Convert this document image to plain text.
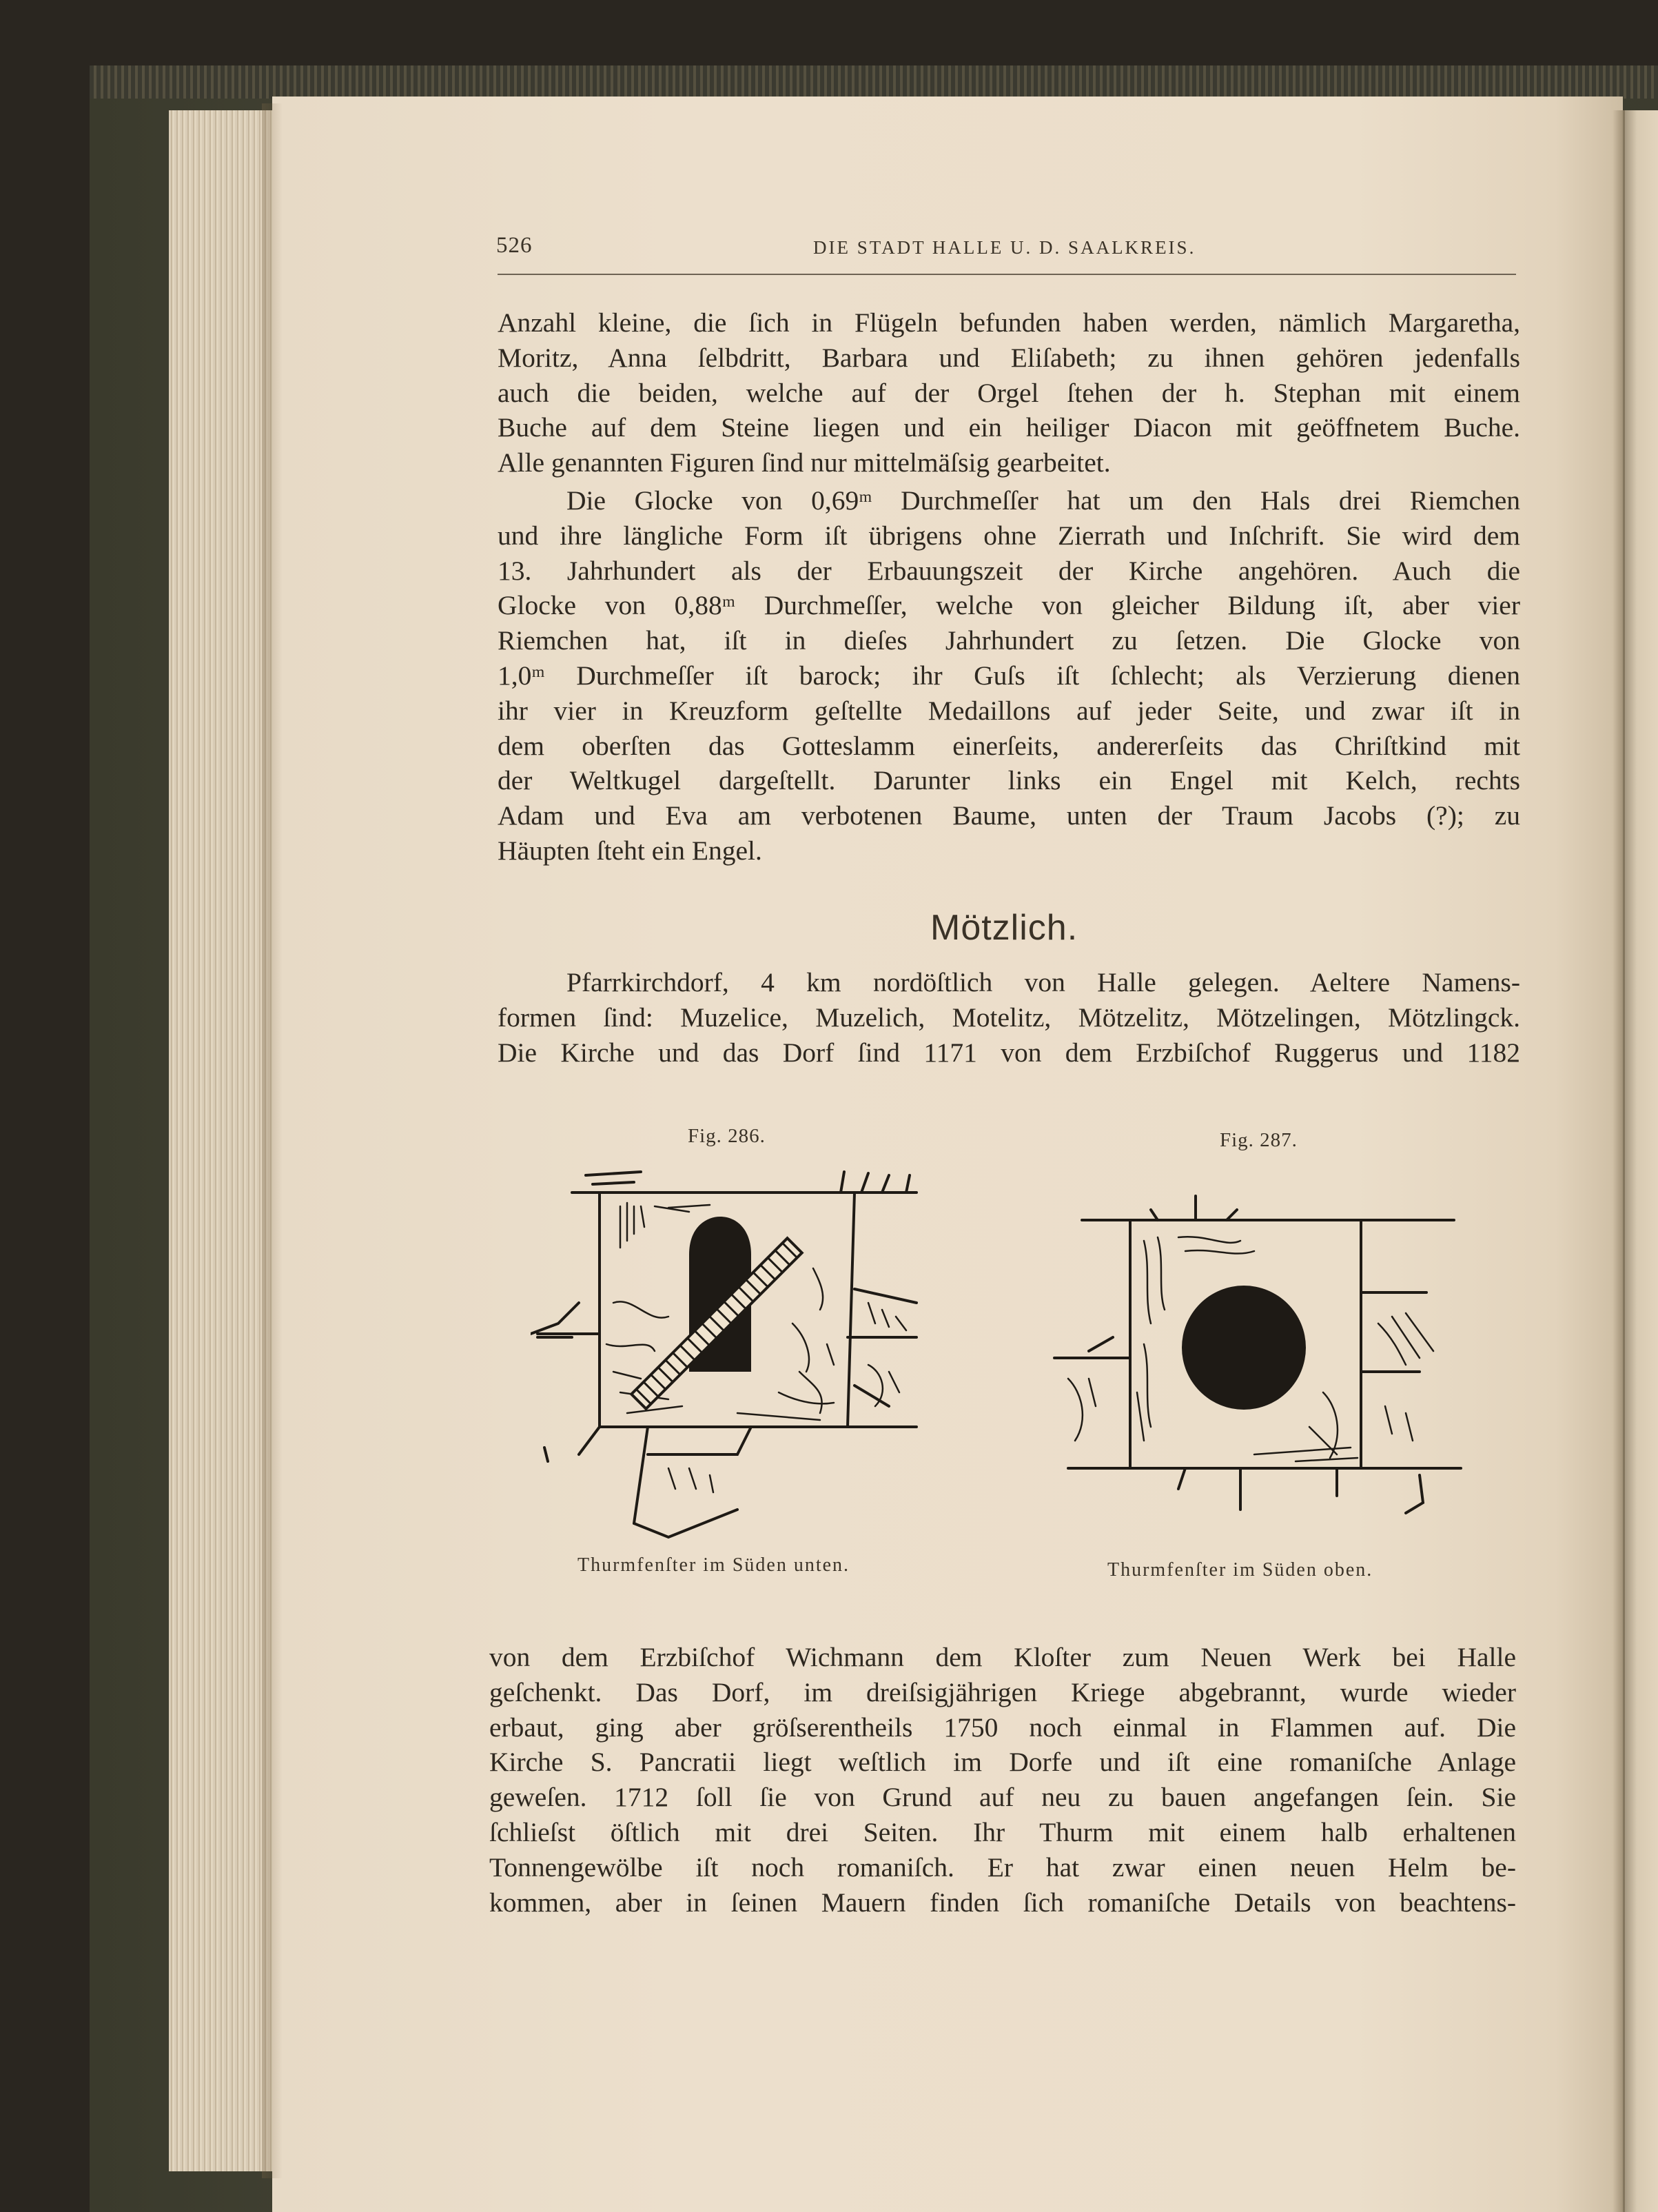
526	DIE STADT HALLE U. D. SAALKREIS.
Anzahl kleine, die ſich in Flügeln befunden haben werden, nämlich Margaretha,
Moritz, Anna ſelbdritt, Barbara und Eliſabeth; zu ihnen gehören jedenfalls
auch die beiden, welche auf der Orgel ſtehen der h. Stephan mit einem
Buche auf dem Steine liegen und ein heiliger Diacon mit geöffnetem Buche.
Alle genannten Figuren ſind nur mittelmäſsig gearbeitet.
Die Glocke von 0,69ᵐ Durchmeſſer hat um den Hals drei Riemchen
und ihre längliche Form iſt übrigens ohne Zierrath und Inſchrift. Sie wird dem
13. Jahrhundert als der Erbauungszeit der Kirche angehören. Auch die
Glocke von 0,88ᵐ Durchmeſſer, welche von gleicher Bildung iſt, aber vier
Riemchen hat, iſt in dieſes Jahrhundert zu ſetzen. Die Glocke von
1,0ᵐ Durchmeſſer iſt barock; ihr Guſs iſt ſchlecht; als Verzierung dienen
ihr vier in Kreuzform geſtellte Medaillons auf jeder Seite, und zwar iſt in
dem oberſten das Gotteslamm einerſeits, andererſeits das Chriſtkind mit
der Weltkugel dargeſtellt. Darunter links ein Engel mit Kelch, rechts
Adam und Eva am verbotenen Baume, unten der Traum Jacobs (?); zu
Häupten ſteht ein Engel.
Mötzlich.
Pfarrkirchdorf, 4 km nordöſtlich von Halle gelegen. Aeltere Namens-
formen ſind: Muzelice, Muzelich, Motelitz, Mötzelitz, Mötzelingen, Mötzlingck.
Die Kirche und das Dorf ſind 1171 von dem Erzbiſchof Ruggerus und 1182
Fig. 286.	Fig. 287.
Thurmfenſter im Süden unten.	Thurmfenſter im Süden oben.
von dem Erzbiſchof Wichmann dem Kloſter zum Neuen Werk bei Halle
geſchenkt. Das Dorf, im dreiſsigjährigen Kriege abgebrannt, wurde wieder
erbaut, ging aber gröſserentheils 1750 noch einmal in Flammen auf. Die
Kirche S. Pancratii liegt weſtlich im Dorfe und iſt eine romaniſche Anlage
geweſen. 1712 ſoll ſie von Grund auf neu zu bauen angefangen ſein. Sie
ſchlieſst öſtlich mit drei Seiten. Ihr Thurm mit einem halb erhaltenen
Tonnengewölbe iſt noch romaniſch. Er hat zwar einen neuen Helm be-
kommen, aber in ſeinen Mauern finden ſich romaniſche Details von beachtens-
